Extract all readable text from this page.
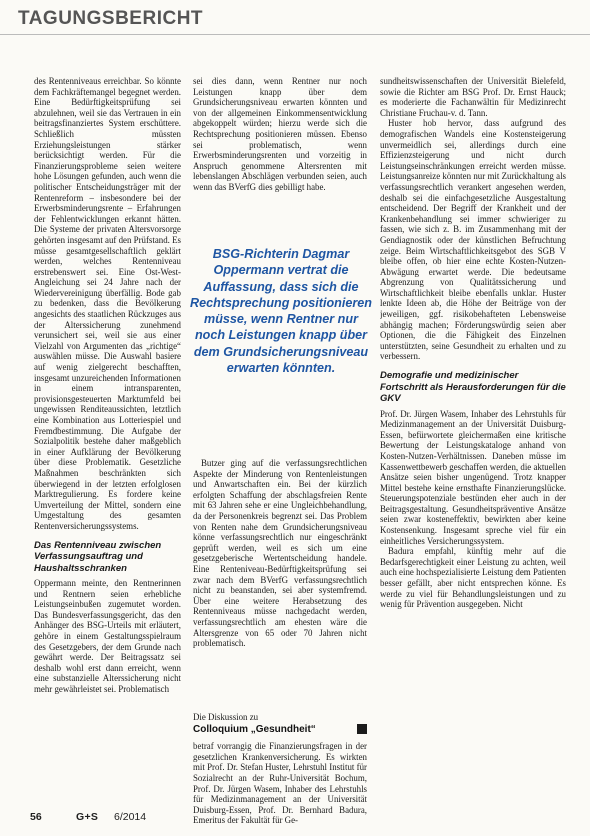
TAGUNGSBERICHT

des Rentenniveaus erreichbar. So könnte dem Fachkräftemangel begegnet werden. Eine Bedürftigkeitsprüfung sei abzulehnen, weil sie das Vertrauen in ein beitragsfinanziertes System erschüttere. Schließlich müssten Erziehungsleistungen stärker berücksichtigt werden. Für die Finanzierungsprobleme seien weitere hohe Lösungen gefunden, auch wenn die politischer Entscheidungsträger mit der Rentenreform – insbesondere bei der Erwerbsminderungsrente – Erfahrungen der Fehlentwicklungen erkannt hätten. Die Systeme der privaten Altersvorsorge gehörten insgesamt auf den Prüfstand. Es müsse gesamtgesellschaftlich geklärt werden, welches Rentenniveau erstrebenswert sei. Eine Ost-West-Angleichung sei 24 Jahre nach der Wiedervereinigung überfällig. Bode gab zu bedenken, dass die Bevölkerung angesichts des staatlichen Rückzuges aus der Alterssicherung zunehmend verunsichert sei, weil sie aus einer Vielzahl von Argumenten das „richtige“ auswählen müsse. Die Auswahl basiere auf wenig zielgerecht beschafften, insgesamt unzureichenden Informationen in einem intransparenten, provisionsgesteuerten Marktumfeld bei ungewissen Renditeaussichten, letztlich eine Kombination aus Lotteriespiel und Fremdbestimmung. Die Aufgabe der Sozialpolitik bestehe daher maßgeblich in einer Aufklärung der Bevölkerung über diese Problematik. Gesetzliche Maßnahmen beschränkten sich überwiegend in der letzten erfolglosen Marktregulierung. Es fordere keine Umverteilung der Mittel, sondern eine Umgestaltung des gesamten Rentenversicherungssystems.

Das Rentenniveau zwischen Verfassungsauftrag und Haushaltsschranken

Oppermann meinte, den Rentnerinnen und Rentnern seien erhebliche Leistungseinbußen zugemutet worden. Das Bundesverfassungsgericht, das den Anhänger des BSG-Urteils mit erläutert, gehöre in einem Gestaltungsspielraum des Gesetzgebers, der dem Grunde nach gewährt werde. Der Beitragssatz sei deshalb wohl erst dann erreicht, wenn eine substanzielle Alterssicherung nicht mehr gewährleistet sei. Problematisch

sei dies dann, wenn Rentner nur noch Leistungen knapp über dem Grundsicherungsniveau erwarten könnten und von der allgemeinen Einkommensentwicklung abgekoppelt würden; hierzu werde sich die Rechtsprechung positionieren müssen. Ebenso sei problematisch, wenn Erwerbsminderungsrenten und vorzeitig in Anspruch genommene Altersrenten mit lebenslangen Abschlägen verbunden seien, auch wenn das BVerfG dies gebilligt habe.

BSG-Richterin Dagmar Oppermann vertrat die Auffassung, dass sich die Rechtsprechung positionieren müsse, wenn Rentner nur noch Leistungen knapp über dem Grundsicherungsniveau erwarten könnten.

Butzer ging auf die verfassungsrechtlichen Aspekte der Minderung von Rentenleistungen und Anwartschaften ein. Bei der kürzlich erfolgten Schaffung der abschlagsfreien Rente mit 63 Jahren sehe er eine Ungleichbehandlung, da der Personenkreis begrenzt sei. Das Problem von Renten nahe dem Grundsicherungsniveau könne verfassungsrechtlich nur eingeschränkt geprüft werden, weil es sich um eine gesetzgeberische Wertentscheidung handele. Eine Renteniveau-Bedürftigkeitsprüfung sei zwar nach dem BVerfG verfassungsrechtlich nicht zu beanstanden, sei aber systemfremd. Über eine weitere Herabsetzung des Rentenniveaus müsse nachgedacht werden, verfassungsrechtlich am ehesten wäre die Altersgrenze von 65 oder 70 Jahren nicht problematisch.

Die Diskussion zu
Colloquium „Gesundheit“
betraf vorrangig die Finanzierungsfragen in der gesetzlichen Krankenversicherung. Es wirkten mit Prof. Dr. Stefan Huster, Lehrstuhl Institut für Sozialrecht an der Ruhr-Universität Bochum, Prof. Dr. Jürgen Wasem, Inhaber des Lehrstuhls für Medizinmanagement an der Universität Duisburg-Essen, Prof. Dr. Bernhard Badura, Emeritus der Fakultät für Ge-

sundheitswissenschaften der Universität Bielefeld, sowie die Richter am BSG Prof. Dr. Ernst Hauck; es moderierte die Fachanwältin für Medizinrecht Christiane Fruchau-v. d. Tann.

Huster hob hervor, dass aufgrund des demografischen Wandels eine Kostensteigerung unvermeidlich sei, allerdings durch eine Effizienzsteigerung und nicht durch Leistungseinschränkungen erreicht werden müsse. Leistungsanreize könnten nur mit Zurückhaltung als verfassungsrechtlich verankert angesehen werden, deshalb sei die einfachgesetzliche Ausgestaltung entscheidend. Der Begriff der Krankheit und der Krankenbehandlung sei immer schwieriger zu fassen, wie sich z. B. im Zusammenhang mit der Gendiagnostik oder der künstlichen Befruchtung zeige. Beim Wirtschaftlichkeitsgebot des SGB V bleibe offen, ob hier eine echte Kosten-Nutzen-Abwägung erwartet werde. Die bedeutsame Abgrenzung von Qualitätssicherung und Wirtschaftlichkeit bleibe ebenfalls unklar. Huster lenkte Ideen ab, die Höhe der Beiträge von der jeweiligen, ggf. risikobehafteten Lebensweise abhängig machen; Förderungswürdig seien aber Optionen, die die Fähigkeit des Einzelnen unterstützten, seine Gesundheit zu erhalten und zu verbessern.

Demografie und medizinischer Fortschritt als Herausforderungen für die GKV

Prof. Dr. Jürgen Wasem, Inhaber des Lehrstuhls für Medizinmanagement an der Universität Duisburg-Essen, befürwortete gleichermaßen eine kritische Bewertung der Leistungskataloge anhand von Kosten-Nutzen-Verhältnissen. Daneben müsse im Kassenwettbewerb geschaffen werden, die aktuellen Ansätze seien bisher ungenügend. Trotz knapper Mittel bestehe keine ernsthafte Finanzierungslücke. Steuerungspotenziale bestünden eher auch in der Beitragsgestaltung. Gesundheitspräventive Ansätze seien zwar kosteneffektiv, bewirkten aber keine Kostensenkung. Insgesamt spreche viel für ein einheitliches Versicherungssystem.

Badura empfahl, künftig mehr auf die Bedarfsgerechtigkeit einer Leistung zu achten, weil auch eine hochspezialisierte Leistung dem Patienten besser gefällt, aber nicht entsprechen könne. Es werde zu viel für Behandlungsleistungen und zu wenig für Prävention ausgegeben. Nicht

56	G+S 6/2014
